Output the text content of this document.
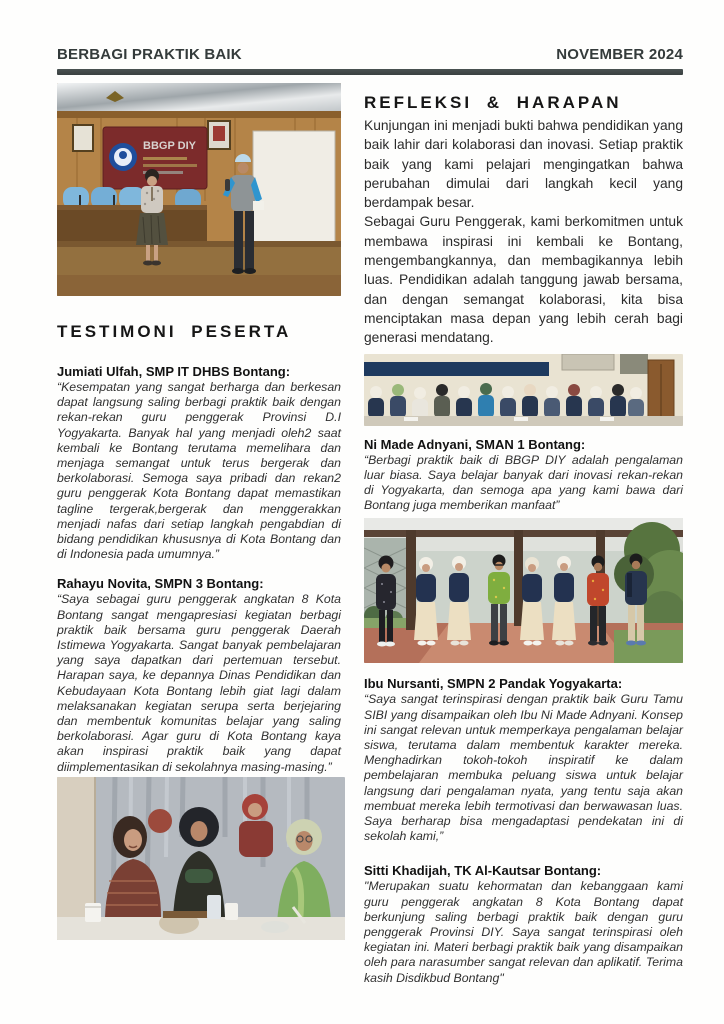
BERBAGI PRAKTIK BAIK	NOVEMBER 2024
BBGP DIY
TESTIMONI PESERTA
Jumiati Ulfah, SMP IT DHBS Bontang:
“Kesempatan yang sangat berharga dan berkesan dapat langsung saling berbagi praktik baik dengan rekan-rekan guru penggerak Provinsi D.I Yogyakarta. Banyak hal yang menjadi oleh2 saat kembali ke Bontang terutama memelihara dan menjaga semangat untuk terus bergerak dan berkolaborasi. Semoga saya pribadi dan rekan2 guru penggerak Kota Bontang dapat memastikan tagline tergerak,bergerak dan menggerakkan menjadi nafas dari setiap langkah pengabdian di bidang pendidikan khususnya di Kota Bontang dan di Indonesia pada umumnya.”
Rahayu Novita, SMPN 3 Bontang:
“Saya sebagai guru penggerak angkatan 8 Kota Bontang sangat mengapresiasi kegiatan berbagi praktik baik bersama guru penggerak Daerah Istimewa Yogyakarta. Sangat banyak pembelajaran yang saya dapatkan dari pertemuan tersebut. Harapan saya, ke depannya Dinas Pendidikan dan Kebudayaan Kota Bontang lebih giat lagi dalam melaksanakan kegiatan serupa serta berjejaring dan membentuk komunitas belajar yang saling berkolaborasi. Agar guru di Kota Bontang kaya akan inspirasi praktik baik yang dapat diimplementasikan di sekolahnya masing-masing.”
REFLEKSI & HARAPAN
Kunjungan ini menjadi bukti bahwa pendidikan yang baik lahir dari kolaborasi dan inovasi. Setiap praktik baik yang kami pelajari mengingatkan bahwa perubahan dimulai dari langkah kecil yang berdampak besar.
Sebagai Guru Penggerak, kami berkomitmen untuk membawa inspirasi ini kembali ke Bontang, mengembangkannya, dan membagikannya lebih luas. Pendidikan adalah tanggung jawab bersama, dan dengan semangat kolaborasi, kita bisa menciptakan masa depan yang lebih cerah bagi generasi mendatang.
Ni Made Adnyani, SMAN 1 Bontang:
“Berbagi praktik baik di BBGP DIY adalah pengalaman luar biasa. Saya belajar banyak dari inovasi rekan-rekan di Yogyakarta, dan semoga apa yang kami bawa dari Bontang juga memberikan manfaat”
Ibu Nursanti, SMPN 2 Pandak Yogyakarta:
“Saya sangat terinspirasi dengan praktik baik Guru Tamu SIBI yang disampaikan oleh Ibu Ni Made Adnyani. Konsep ini sangat relevan untuk memperkaya pengalaman belajar siswa, terutama dalam membentuk karakter mereka. Menghadirkan tokoh-tokoh inspiratif ke dalam pembelajaran membuka peluang siswa untuk belajar langsung dari pengalaman nyata, yang tentu saja akan membuat mereka lebih termotivasi dan berwawasan luas. Saya berharap bisa mengadaptasi pendekatan ini di sekolah kami,”
Sitti Khadijah, TK Al-Kautsar Bontang:
"Merupakan suatu kehormatan dan kebanggaan kami guru penggerak angkatan 8 Kota Bontang dapat berkunjung saling berbagi praktik baik dengan guru penggerak Provinsi DIY. Saya sangat terinspirasi oleh kegiatan ini. Materi berbagi praktik baik yang disampaikan oleh para narasumber sangat relevan dan aplikatif. Terima kasih Disdikbud Bontang"
